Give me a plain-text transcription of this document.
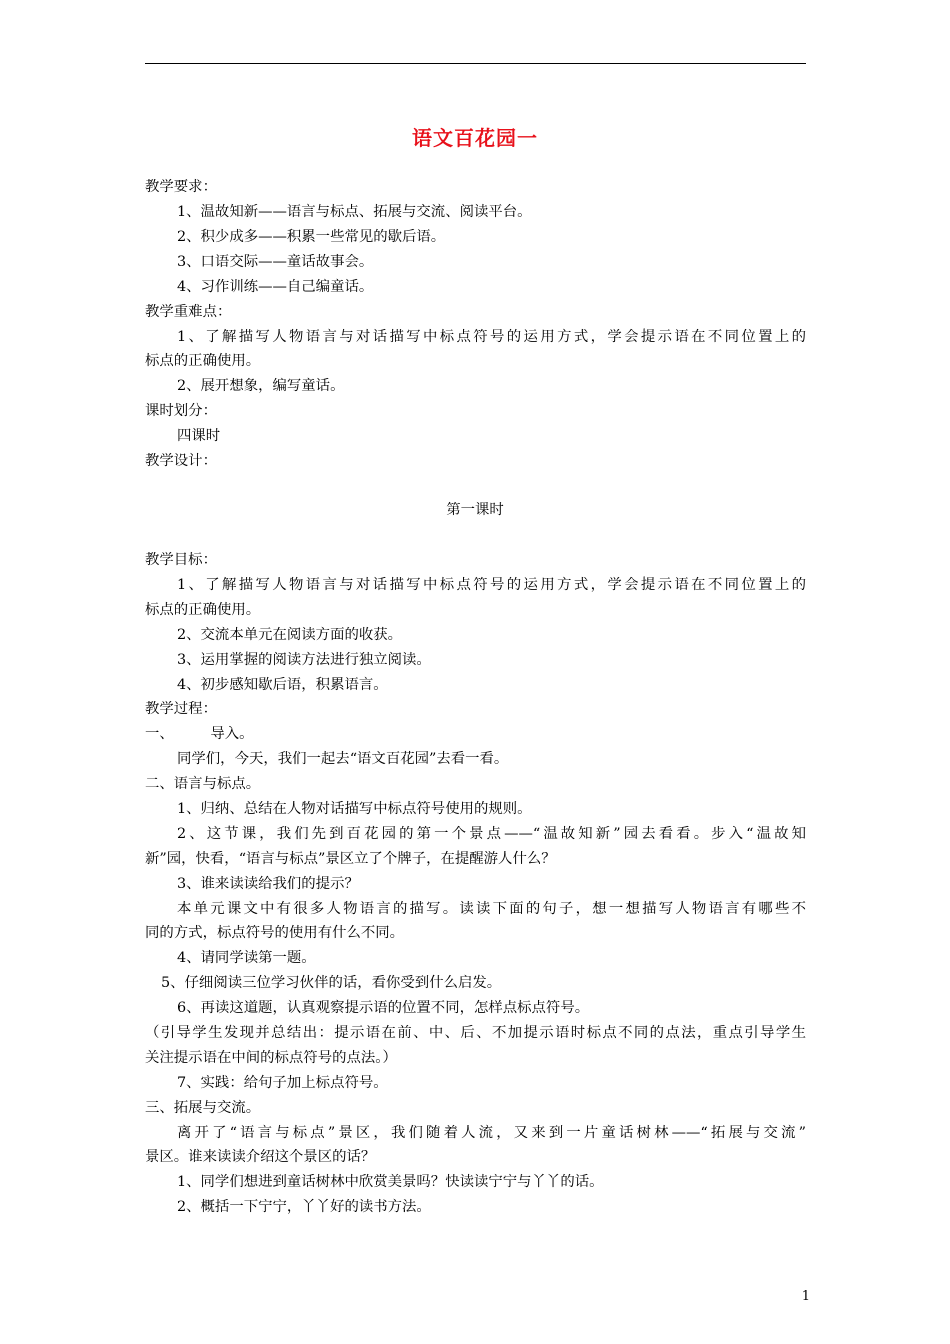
语文百花园一
教学要求：
1、温故知新——语言与标点、拓展与交流、阅读平台。
2、积少成多——积累一些常见的歇后语。
3、口语交际——童话故事会。
4、习作训练——自己编童话。
教学重难点：
1、了解描写人物语言与对话描写中标点符号的运用方式，学会提示语在不同位置上的
标点的正确使用。
2、展开想象，编写童话。
课时划分：
四课时
教学设计：
第一课时
教学目标：
1、了解描写人物语言与对话描写中标点符号的运用方式，学会提示语在不同位置上的
标点的正确使用。
2、交流本单元在阅读方面的收获。
3、运用掌握的阅读方法进行独立阅读。
4、初步感知歇后语，积累语言。
教学过程：
一、        导入。
同学们，今天，我们一起去“语文百花园”去看一看。
二、语言与标点。
1、归纳、总结在人物对话描写中标点符号使用的规则。
2、这节课，我们先到百花园的第一个景点——“温故知新”园去看看。步入“温故知
新”园，快看，“语言与标点”景区立了个牌子，在提醒游人什么？
3、谁来读读给我们的提示？
本单元课文中有很多人物语言的描写。读读下面的句子，想一想描写人物语言有哪些不
同的方式，标点符号的使用有什么不同。
4、请同学读第一题。
5、仔细阅读三位学习伙伴的话，看你受到什么启发。
6、再读这道题，认真观察提示语的位置不同，怎样点标点符号。
（引导学生发现并总结出：提示语在前、中、后、不加提示语时标点不同的点法，重点引导学生
关注提示语在中间的标点符号的点法。）
7、实践：给句子加上标点符号。
三、拓展与交流。
离开了“语言与标点”景区，我们随着人流，又来到一片童话树林——“拓展与交流”
景区。谁来读读介绍这个景区的话？
1、同学们想进到童话树林中欣赏美景吗？快读读宁宁与丫丫的话。
2、概括一下宁宁，丫丫好的读书方法。
1
